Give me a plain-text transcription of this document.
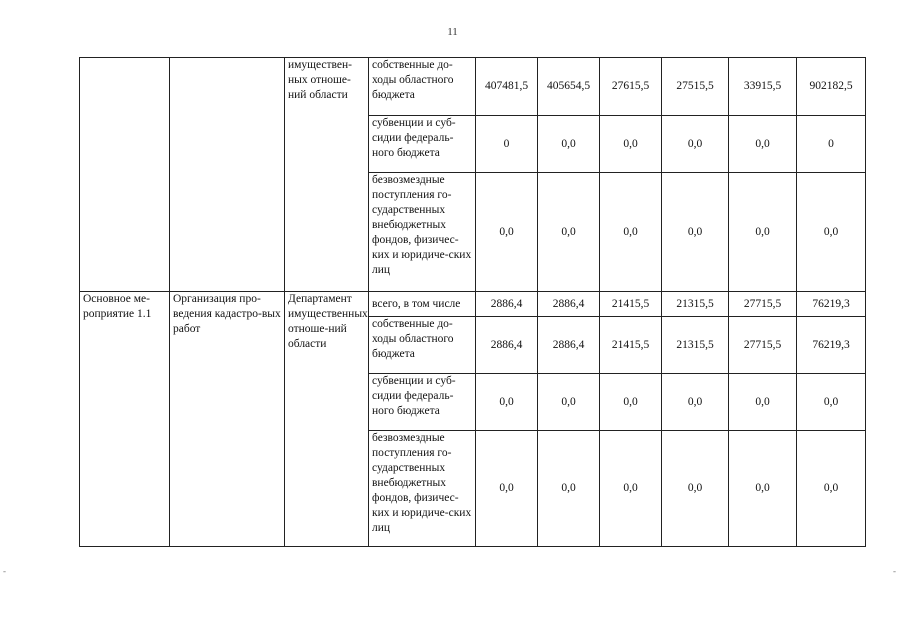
11
		имуществен-ных отноше-ний области	собственные до-ходы областного бюджета	407481,5	405654,5	27615,5	27515,5	33915,5	902182,5
			субвенции и суб-сидии федераль-ного бюджета	0	0,0	0,0	0,0	0,0	0
			безвозмездные поступления го-сударственных внебюджетных фондов, физичес-ких и юридиче-ских лиц	0,0	0,0	0,0	0,0	0,0	0,0
Основное ме-роприятие 1.1	Организация про-ведения кадастро-вых работ	Департамент имущественных отноше-ний области	всего, в том числе	2886,4	2886,4	21415,5	21315,5	27715,5	76219,3
			собственные до-ходы областного бюджета	2886,4	2886,4	21415,5	21315,5	27715,5	76219,3
			субвенции и суб-сидии федераль-ного бюджета	0,0	0,0	0,0	0,0	0,0	0,0
			безвозмездные поступления го-сударственных внебюджетных фондов, физичес-ких и юридиче-ских лиц	0,0	0,0	0,0	0,0	0,0	0,0
-	-
